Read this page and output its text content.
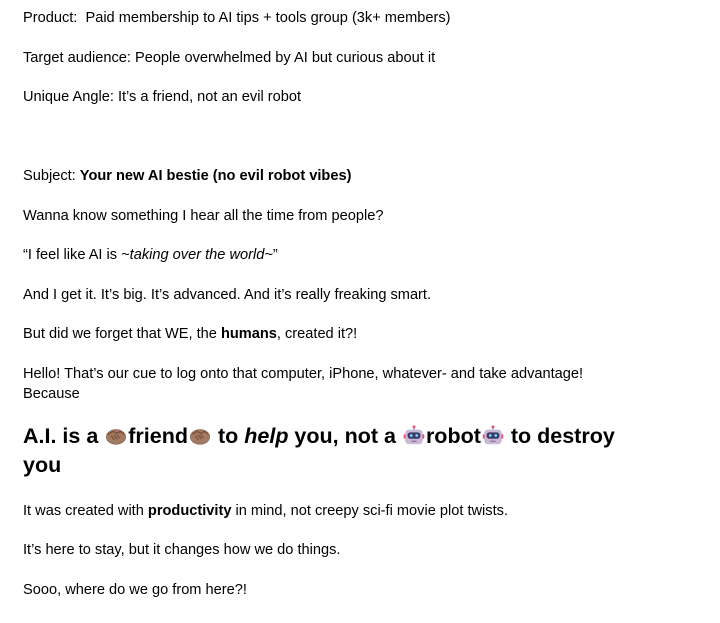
Product: Paid membership to AI tips + tools group (3k+ members)

Target audience: People overwhelmed by AI but curious about it

Unique Angle: It’s a friend, not an evil robot

Subject: Your new AI bestie (no evil robot vibes)

Wanna know something I hear all the time from people?

“I feel like AI is ~taking over the world~”

And I get it. It’s big. It’s advanced. And it’s really freaking smart.

But did we forget that WE, the humans, created it?!

Hello! That’s our cue to log onto that computer, iPhone, whatever- and take advantage!
Because

A.I. is a friend to help you, not a robot to destroy
you

It was created with productivity in mind, not creepy sci-fi movie plot twists.

It’s here to stay, but it changes how we do things.

Sooo, where do we go from here?!
